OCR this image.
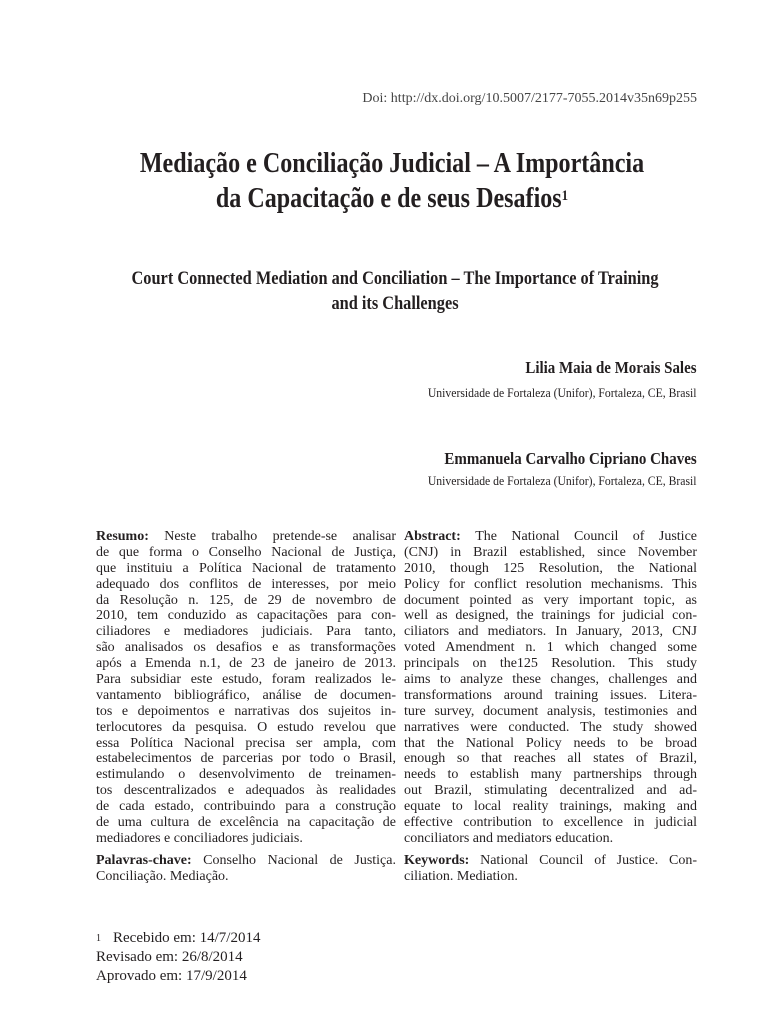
Doi: http://dx.doi.org/10.5007/2177-7055.2014v35n69p255
Mediação e Conciliação Judicial – A Importância
da Capacitação e de seus Desafios$^1$
Court Connected Mediation and Conciliation – The Importance of Training
and its Challenges
Lilia Maia de Morais Sales
Universidade de Fortaleza (Unifor), Fortaleza, CE, Brasil
Emmanuela Carvalho Cipriano Chaves
Universidade de Fortaleza (Unifor), Fortaleza, CE, Brasil
Resumo: Neste trabalho pretende-se analisar
de que forma o Conselho Nacional de Justiça,
que instituiu a Política Nacional de tratamento
adequado dos conflitos de interesses, por meio
da Resolução n. 125, de 29 de novembro de
2010, tem conduzido as capacitações para con-
ciliadores e mediadores judiciais. Para tanto,
são analisados os desafios e as transformações
após a Emenda n.1, de 23 de janeiro de 2013.
Para subsidiar este estudo, foram realizados le-
vantamento bibliográfico, análise de documen-
tos e depoimentos e narrativas dos sujeitos in-
terlocutores da pesquisa. O estudo revelou que
essa Política Nacional precisa ser ampla, com
estabelecimentos de parcerias por todo o Brasil,
estimulando o desenvolvimento de treinamen-
tos descentralizados e adequados às realidades
de cada estado, contribuindo para a construção
de uma cultura de excelência na capacitação de
mediadores e conciliadores judiciais.
Palavras-chave: Conselho Nacional de Justiça.
Conciliação. Mediação.
Abstract: The National Council of Justice
(CNJ) in Brazil established, since November
2010, though 125 Resolution, the National
Policy for conflict resolution mechanisms. This
document pointed as very important topic, as
well as designed, the trainings for judicial con-
ciliators and mediators. In January, 2013, CNJ
voted Amendment n. 1 which changed some
principals on the125 Resolution. This study
aims to analyze these changes, challenges and
transformations around training issues. Litera-
ture survey, document analysis, testimonies and
narratives were conducted. The study showed
that the National Policy needs to be broad
enough so that reaches all states of Brazil,
needs to establish many partnerships through
out Brazil, stimulating decentralized and ad-
equate to local reality trainings, making and
effective contribution to excellence in judicial
conciliators and mediators education.
Keywords: National Council of Justice. Con-
ciliation. Mediation.
$^1$ Recebido em: 14/7/2014
Revisado em: 26/8/2014
Aprovado em: 17/9/2014
